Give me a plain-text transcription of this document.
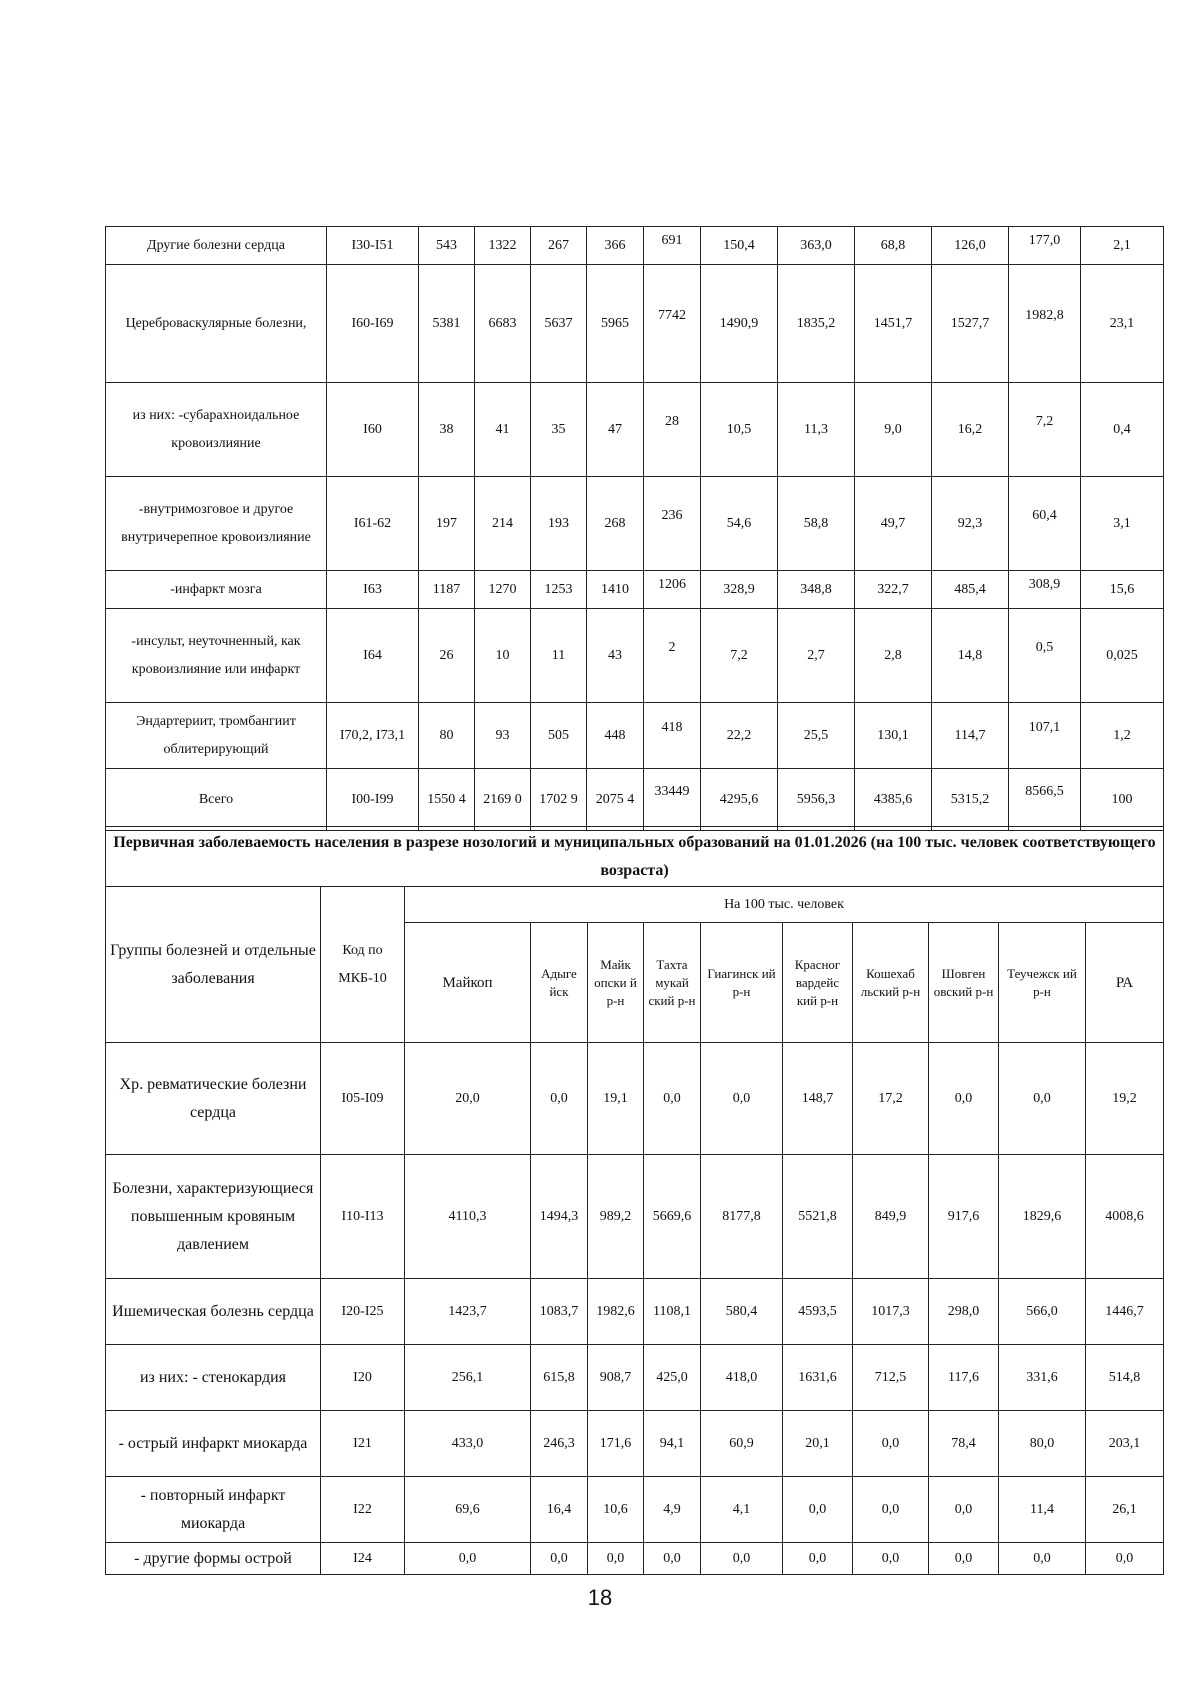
Другие болезни сердца	I30-I51	543	1322	267	366	691	150,4	363,0	68,8	126,0	177,0	2,1
Цереброваскулярные болезни,	I60-I69	5381	6683	5637	5965	7742	1490,9	1835,2	1451,7	1527,7	1982,8	23,1
из них: -субарахноидальное кровоизлияние	I60	38	41	35	47	28	10,5	11,3	9,0	16,2	7,2	0,4
-внутримозговое и другое внутричерепное кровоизлияние	I61-62	197	214	193	268	236	54,6	58,8	49,7	92,3	60,4	3,1
-инфаркт мозга	I63	1187	1270	1253	1410	1206	328,9	348,8	322,7	485,4	308,9	15,6
-инсульт, неуточненный, как кровоизлияние или инфаркт	I64	26	10	11	43	2	7,2	2,7	2,8	14,8	0,5	0,025
Эндартериит, тромбангиит облитерирующий	I70,2, I73,1	80	93	505	448	418	22,2	25,5	130,1	114,7	107,1	1,2
Всего	I00-I99	1550 4	2169 0	1702 9	2075 4	33449	4295,6	5956,3	4385,6	5315,2	8566,5	100
Первичная заболеваемость населения в разрезе нозологий и муниципальных образований на 01.01.2026 (на 100 тыс. человек соответствующего возраста)											
Группы болезней и отдельные заболевания	Код по МКБ-10	На 100 тыс. человек									
		Майкоп	Адыге йск	Майк опски й р-н	Тахта мукай ский р-н	Гиагинск ий р-н	Красног вардейс кий р-н	Кошехаб льский р-н	Шовген овский р-н	Теучежск ий р-н	РА
Хр. ревматические болезни сердца	I05-I09	20,0	0,0	19,1	0,0	0,0	148,7	17,2	0,0	0,0	19,2
Болезни, характеризующиеся повышенным кровяным давлением	I10-I13	4110,3	1494,3	989,2	5669,6	8177,8	5521,8	849,9	917,6	1829,6	4008,6
Ишемическая болезнь сердца	I20-I25	1423,7	1083,7	1982,6	1108,1	580,4	4593,5	1017,3	298,0	566,0	1446,7
из них: - стенокардия	I20	256,1	615,8	908,7	425,0	418,0	1631,6	712,5	117,6	331,6	514,8
- острый инфаркт миокарда	I21	433,0	246,3	171,6	94,1	60,9	20,1	0,0	78,4	80,0	203,1
- повторный инфаркт миокарда	I22	69,6	16,4	10,6	4,9	4,1	0,0	0,0	0,0	11,4	26,1
- другие формы острой	I24	0,0	0,0	0,0	0,0	0,0	0,0	0,0	0,0	0,0	0,0
18
